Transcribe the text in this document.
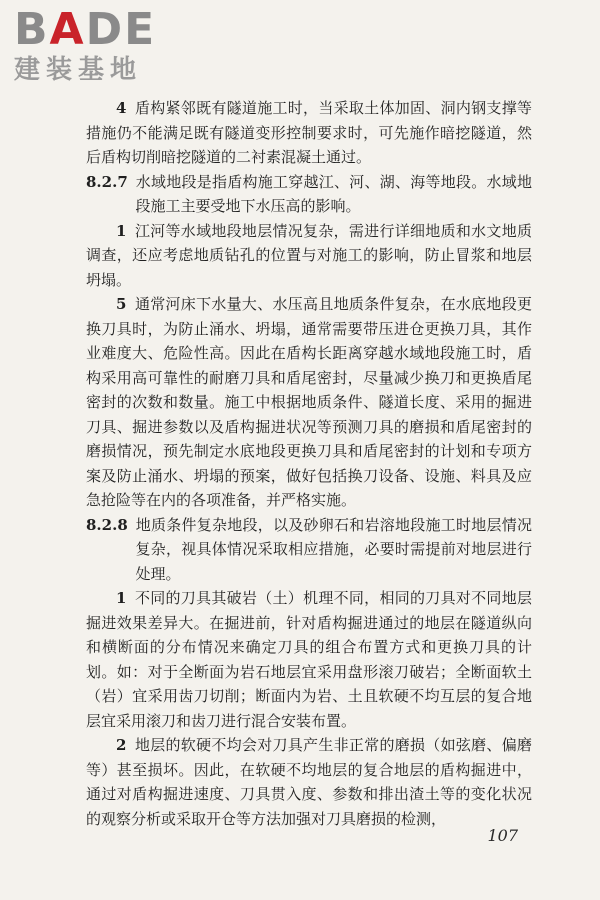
BADE
建装基地

4 盾构紧邻既有隧道施工时，当采取土体加固、洞内钢支撑等措施仍不能满足既有隧道变形控制要求时，可先施作暗挖隧道，然后盾构切削暗挖隧道的二衬素混凝土通过。

8.2.7 水域地段是指盾构施工穿越江、河、湖、海等地段。水域地段施工主要受地下水压高的影响。

1 江河等水域地段地层情况复杂，需进行详细地质和水文地质调查，还应考虑地质钻孔的位置与对施工的影响，防止冒浆和地层坍塌。

5 通常河床下水量大、水压高且地质条件复杂，在水底地段更换刀具时，为防止涌水、坍塌，通常需要带压进仓更换刀具，其作业难度大、危险性高。因此在盾构长距离穿越水域地段施工时，盾构采用高可靠性的耐磨刀具和盾尾密封，尽量减少换刀和更换盾尾密封的次数和数量。施工中根据地质条件、隧道长度、采用的掘进刀具、掘进参数以及盾构掘进状况等预测刀具的磨损和盾尾密封的磨损情况，预先制定水底地段更换刀具和盾尾密封的计划和专项方案及防止涌水、坍塌的预案，做好包括换刀设备、设施、料具及应急抢险等在内的各项准备，并严格实施。

8.2.8 地质条件复杂地段，以及砂卵石和岩溶地段施工时地层情况复杂，视具体情况采取相应措施，必要时需提前对地层进行处理。

1 不同的刀具其破岩（土）机理不同，相同的刀具对不同地层掘进效果差异大。在掘进前，针对盾构掘进通过的地层在隧道纵向和横断面的分布情况来确定刀具的组合布置方式和更换刀具的计划。如：对于全断面为岩石地层宜采用盘形滚刀破岩；全断面软土（岩）宜采用齿刀切削；断面内为岩、土且软硬不均互层的复合地层宜采用滚刀和齿刀进行混合安装布置。

2 地层的软硬不均会对刀具产生非正常的磨损（如弦磨、偏磨等）甚至损坏。因此，在软硬不均地层的复合地层的盾构掘进中，通过对盾构掘进速度、刀具贯入度、参数和排出渣土等的变化状况的观察分析或采取开仓等方法加强对刀具磨损的检测，

107
